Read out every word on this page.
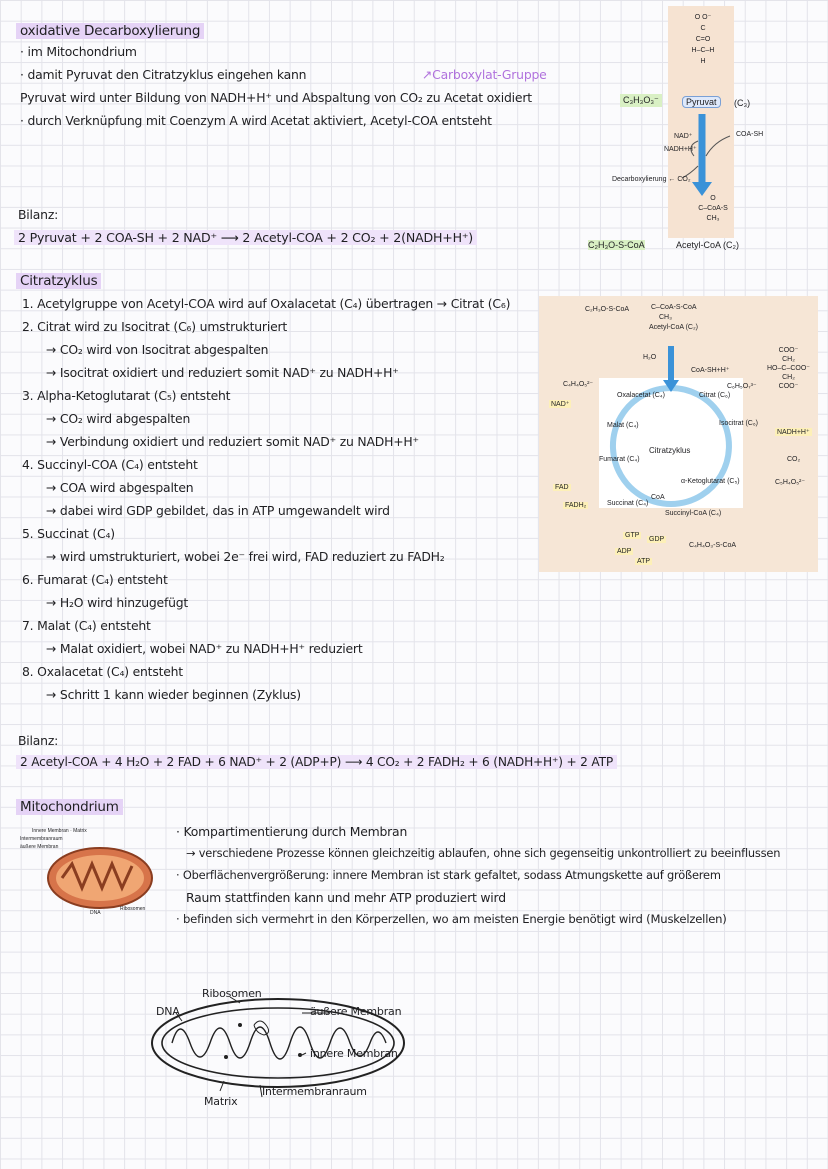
oxidative Decarboxylierung
· im Mitochondrium
· damit Pyruvat den Citratzyklus eingehen kann	↗Carboxylat-Gruppe
Pyruvat wird unter Bildung von NADH+H⁺ und Abspaltung von CO₂ zu Acetat oxidiert
· durch Verknüpfung mit Coenzym A wird Acetat aktiviert, Acetyl-COA entsteht
Bilanz:
2 Pyruvat + 2 COA-SH + 2 NAD⁺ ⟶ 2 Acetyl-COA + 2 CO₂ + 2(NADH+H⁺)
O O⁻
C
C=O
H–C–H
H
C₃H₃O₃⁻	Pyruvat	(C₃)
COA-SH
NAD⁺
NADH+H⁺
Decarboxylierung ← CO₂
O
C–CoA-S
CH₃
C₂H₃O-S-CoA	Acetyl-CoA (C₂)
Citratzyklus
1. Acetylgruppe von Acetyl-COA wird auf Oxalacetat (C₄) übertragen → Citrat (C₆)
2. Citrat wird zu Isocitrat (C₆) umstrukturiert
→ CO₂ wird von Isocitrat abgespalten
→ Isocitrat oxidiert und reduziert somit NAD⁺ zu NADH+H⁺
3. Alpha-Ketoglutarat (C₅) entsteht
→ CO₂ wird abgespalten
→ Verbindung oxidiert und reduziert somit NAD⁺ zu NADH+H⁺
4. Succinyl-COA (C₄) entsteht
→ COA wird abgespalten
→ dabei wird GDP gebildet, das in ATP umgewandelt wird
5. Succinat (C₄)
→ wird umstrukturiert, wobei 2e⁻ frei wird, FAD reduziert zu FADH₂
6. Fumarat (C₄) entsteht
→ H₂O wird hinzugefügt
7. Malat (C₄) entsteht
→ Malat oxidiert, wobei NAD⁺ zu NADH+H⁺ reduziert
8. Oxalacetat (C₄) entsteht
→ Schritt 1 kann wieder beginnen (Zyklus)
C₂H₃O-S-CoA	C–CoA-S-CoA
CH₃
Acetyl-CoA (C₂)
H₂O
CoA-SH+H⁺
Citratzyklus
C₄H₄O₅²⁻	C₆H₅O₇³⁻
CO₂
C₅H₄O₅²⁻
C₄H₄O₃-S-CoA
CoA
Oxalacetat (C₄)	Citrat (C₆)
Isocitrat (C₆)
α-Ketoglutarat (C₅)
Succinyl-CoA (C₄)
Succinat (C₄)
Fumarat (C₄)
Malat (C₄)
NAD⁺
NADH+H⁺
FAD
FADH₂
GTP
GDP
ADP
ATP
COO⁻
CH₂
HO–C–COO⁻
CH₂
COO⁻
Bilanz:
2 Acetyl-COA + 4 H₂O + 2 FAD + 6 NAD⁺ + 2 (ADP+P) ⟶ 4 CO₂ + 2 FADH₂ + 6 (NADH+H⁺) + 2 ATP
Mitochondrium
· Kompartimentierung durch Membran
→ verschiedene Prozesse können gleichzeitig ablaufen, ohne sich gegenseitig unkontrolliert zu beeinflussen
· Oberflächenvergrößerung: innere Membran ist stark gefaltet, sodass Atmungskette auf größerem
Raum stattfinden kann und mehr ATP produziert wird
· befinden sich vermehrt in den Körperzellen, wo am meisten Energie benötigt wird (Muskelzellen)
Innere Membran · Matrix
Intermembranraum
äußere Membran
Ribosomen
DNA
Ribosomen
DNA	äußere Membran
innere Membran
Intermembranraum
Matrix
